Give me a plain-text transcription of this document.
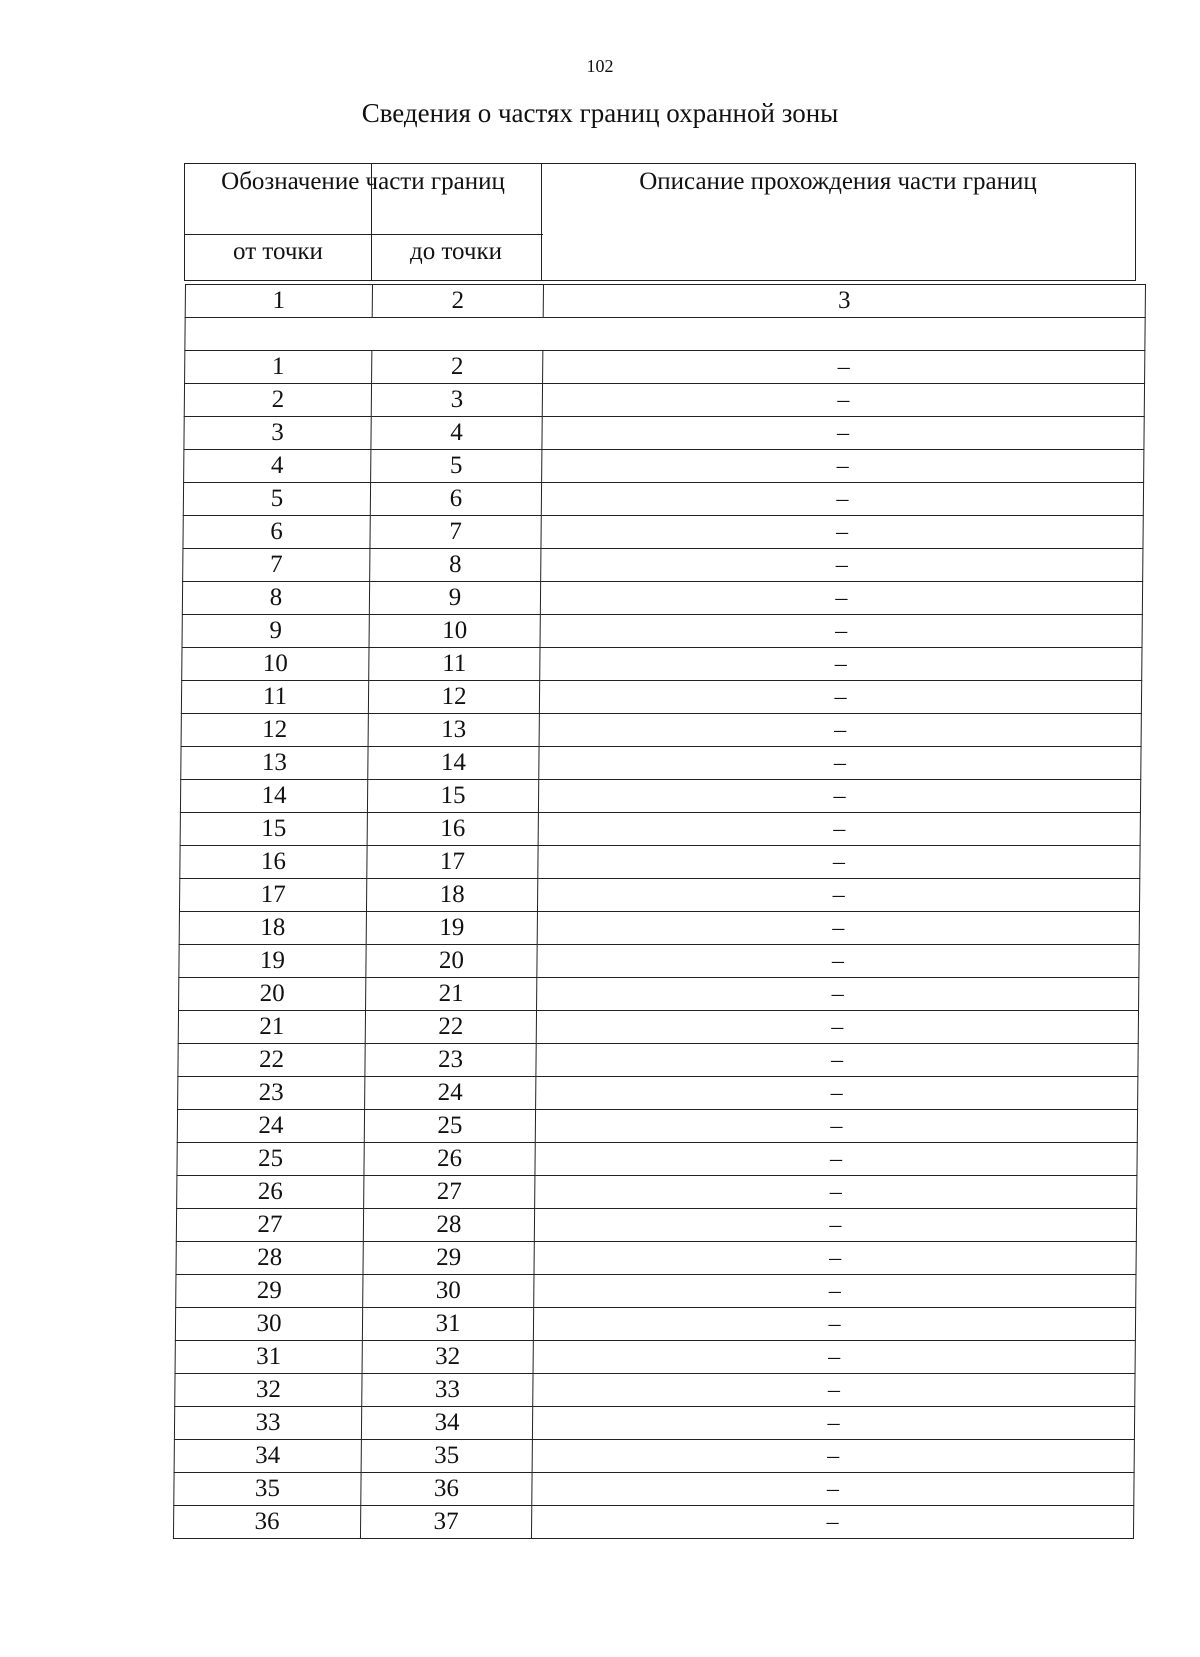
102
Сведения о частях границ охранной зоны
Обозначение части границ
от точки	до точки
Описание прохождения части границ
1	2	3

1	2	–
2	3	–
3	4	–
4	5	–
5	6	–
6	7	–
7	8	–
8	9	–
9	10	–
10	11	–
11	12	–
12	13	–
13	14	–
14	15	–
15	16	–
16	17	–
17	18	–
18	19	–
19	20	–
20	21	–
21	22	–
22	23	–
23	24	–
24	25	–
25	26	–
26	27	–
27	28	–
28	29	–
29	30	–
30	31	–
31	32	–
32	33	–
33	34	–
34	35	–
35	36	–
36	37	–
